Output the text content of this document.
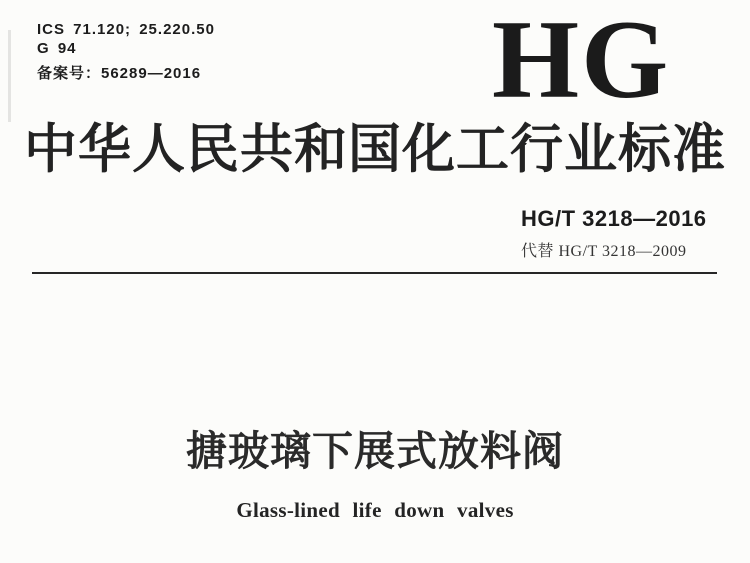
ICS 71.120; 25.220.50
G 94
备案号：56289—2016	HG
中华人民共和国化工行业标准
HG/T 3218—2016
代替 HG/T 3218—2009
搪玻璃下展式放料阀
Glass-lined life down valves
